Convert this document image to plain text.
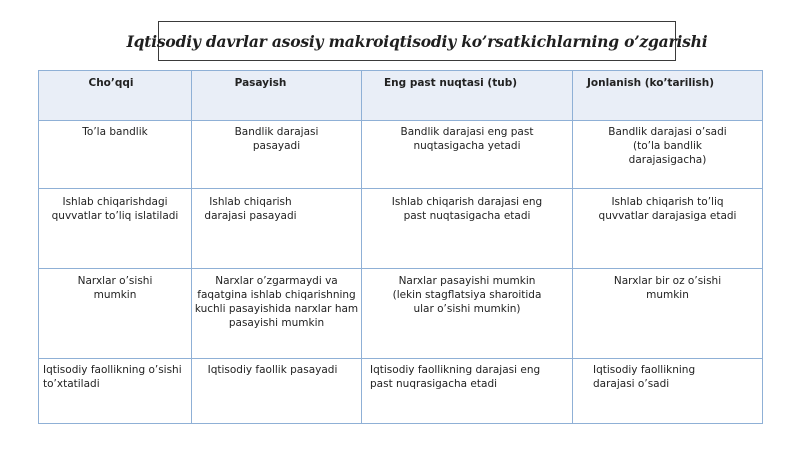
Iqtisodiy davrlar asosiy makroiqtisodiy ko’rsatkichlarning o’zgarishi
Cho’qqi	Pasayish	Eng past nuqtasi (tub)	Jonlanish (ko’tarilish)
To’la bandlik	Bandlik darajasi pasayadi	Bandlik darajasi eng past nuqtasigacha yetadi	Bandlik darajasi o’sadi (to’la bandlik darajasigacha)
Ishlab chiqarishdagi quvvatlar to’liq islatiladi	Ishlab chiqarish darajasi pasayadi	Ishlab chiqarish darajasi eng past nuqtasigacha etadi	Ishlab chiqarish to’liq quvvatlar darajasiga etadi
Narxlar o’sishi mumkin	Narxlar o’zgarmaydi va faqatgina ishlab chiqarishning kuchli pasayishida narxlar ham pasayishi mumkin	Narxlar pasayishi mumkin (lekin stagflatsiya sharoitida ular o’sishi mumkin)	Narxlar bir oz o’sishi mumkin
Iqtisodiy faollikning o’sishi to’xtatiladi	Iqtisodiy faollik pasayadi	Iqtisodiy faollikning darajasi eng past nuqrasigacha etadi	Iqtisodiy faollikning darajasi o’sadi
